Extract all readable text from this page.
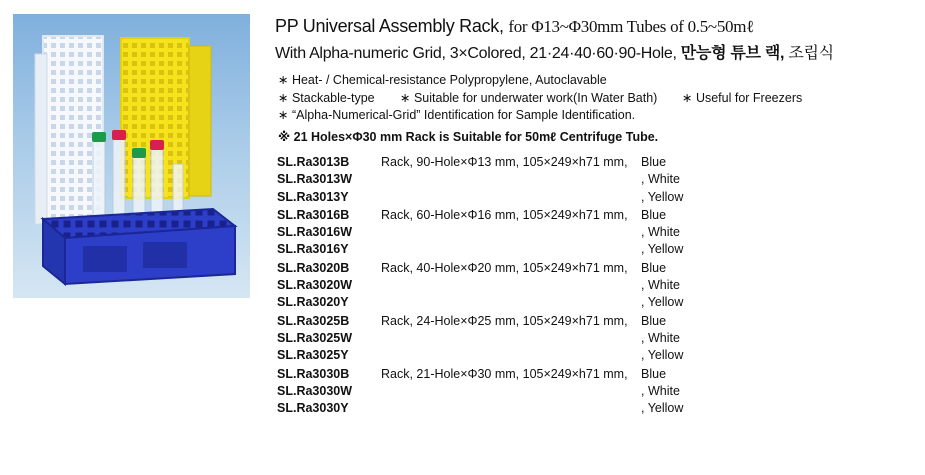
PP Universal Assembly Rack, for Φ13~Φ30mm Tubes of 0.5~50mℓ
With Alpha-numeric Grid, 3×Colored, 21·24·40·60·90-Hole, 만능형 튜브 랙, 조립식
∗ Heat- / Chemical-resistance Polypropylene, Autoclavable
∗ Stackable-type ∗ Suitable for underwater work(In Water Bath) ∗ Useful for Freezers
∗ “Alpha-Numerical-Grid” Identification for Sample Identification.
※ 21 Holes×Φ30 mm Rack is Suitable for 50mℓ Centrifuge Tube.
SL.Ra3013B	Rack, 90-Hole×Φ13 mm, 105×249×h71 mm, Blue
SL.Ra3013W	, White
SL.Ra3013Y	, Yellow
SL.Ra3016B	Rack, 60-Hole×Φ16 mm, 105×249×h71 mm, Blue
SL.Ra3016W	, White
SL.Ra3016Y	, Yellow
SL.Ra3020B	Rack, 40-Hole×Φ20 mm, 105×249×h71 mm, Blue
SL.Ra3020W	, White
SL.Ra3020Y	, Yellow
SL.Ra3025B	Rack, 24-Hole×Φ25 mm, 105×249×h71 mm, Blue
SL.Ra3025W	, White
SL.Ra3025Y	, Yellow
SL.Ra3030B	Rack, 21-Hole×Φ30 mm, 105×249×h71 mm, Blue
SL.Ra3030W	, White
SL.Ra3030Y	, Yellow
